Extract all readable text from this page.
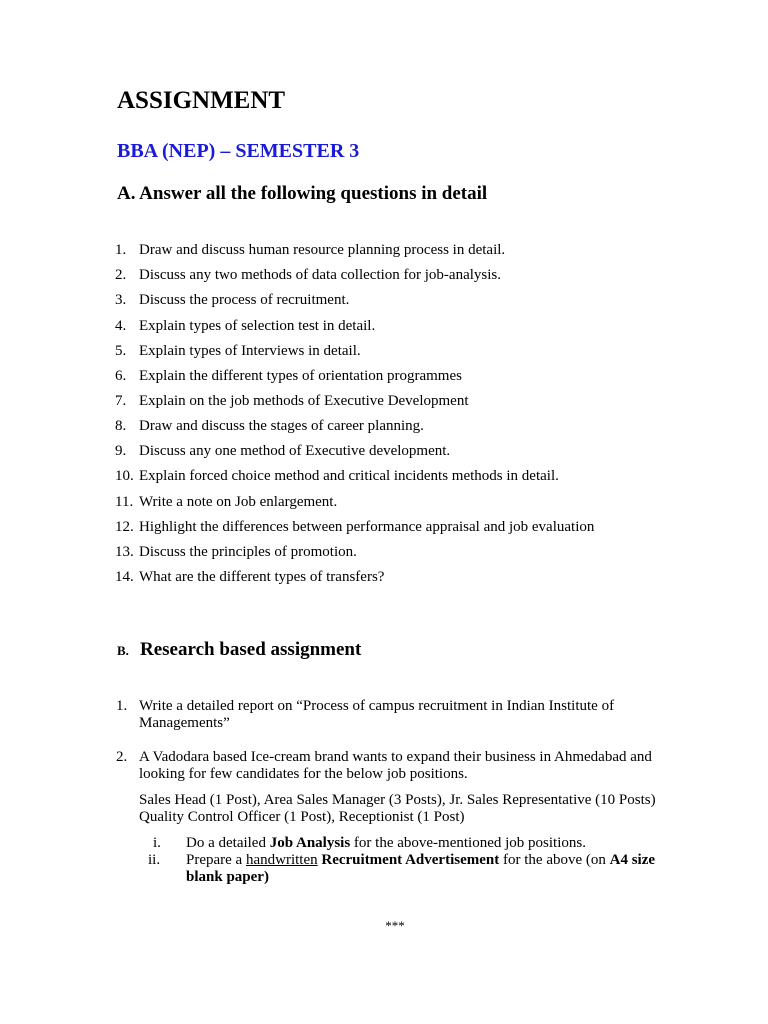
ASSIGNMENT
BBA (NEP) – SEMESTER 3
A. Answer all the following questions in detail
1. Draw and discuss human resource planning process in detail.
2. Discuss any two methods of data collection for job-analysis.
3. Discuss the process of recruitment.
4. Explain types of selection test in detail.
5. Explain types of Interviews in detail.
6. Explain the different types of orientation programmes
7. Explain on the job methods of Executive Development
8. Draw and discuss the stages of career planning.
9. Discuss any one method of Executive development.
10. Explain forced choice method and critical incidents methods in detail.
11. Write a note on Job enlargement.
12. Highlight the differences between performance appraisal and job evaluation
13. Discuss the principles of promotion.
14. What are the different types of transfers?
B. Research based assignment
1. Write a detailed report on “Process of campus recruitment in Indian Institute of
Managements”
2. A Vadodara based Ice-cream brand wants to expand their business in Ahmedabad and
looking for few candidates for the below job positions.
Sales Head (1 Post), Area Sales Manager (3 Posts), Jr. Sales Representative (10 Posts)
Quality Control Officer (1 Post), Receptionist (1 Post)
i. Do a detailed Job Analysis for the above-mentioned job positions.
ii. Prepare a handwritten Recruitment Advertisement for the above (on A4 size
blank paper)
***
